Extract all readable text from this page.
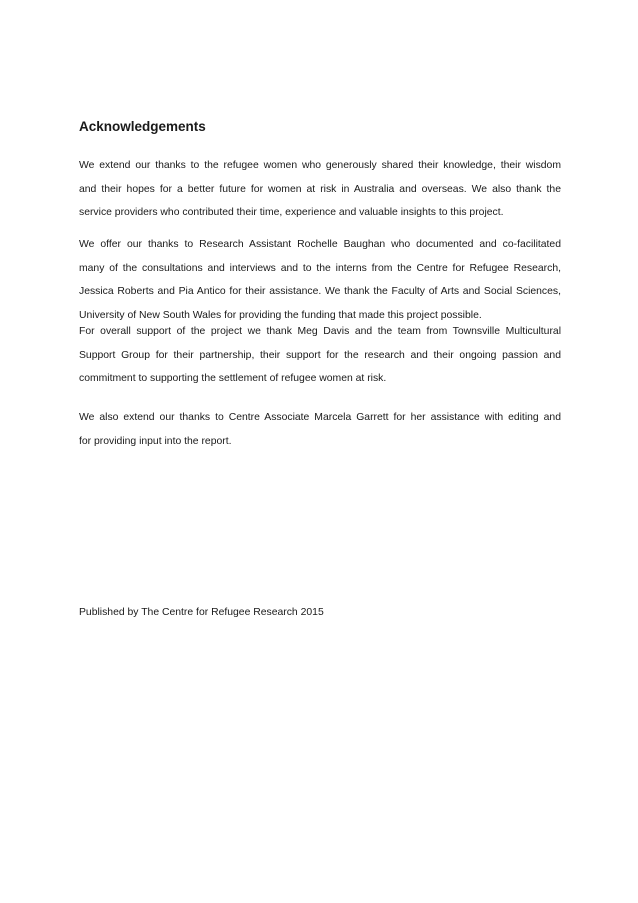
Acknowledgements

We extend our thanks to the refugee women who generously shared their knowledge, their wisdom
and their hopes for a better future for women at risk in Australia and overseas. We also thank the
service providers who contributed their time, experience and valuable insights to this project.

We offer our thanks to Research Assistant Rochelle Baughan who documented and co-facilitated
many of the consultations and interviews and to the interns from the Centre for Refugee Research,
Jessica Roberts and Pia Antico for their assistance. We thank the Faculty of Arts and Social Sciences,
University of New South Wales for providing the funding that made this project possible.

For overall support of the project we thank Meg Davis and the team from Townsville Multicultural
Support Group for their partnership, their support for the research and their ongoing passion and
commitment to supporting the settlement of refugee women at risk.

We also extend our thanks to Centre Associate Marcela Garrett for her assistance with editing and
for providing input into the report.

Published by The Centre for Refugee Research 2015
